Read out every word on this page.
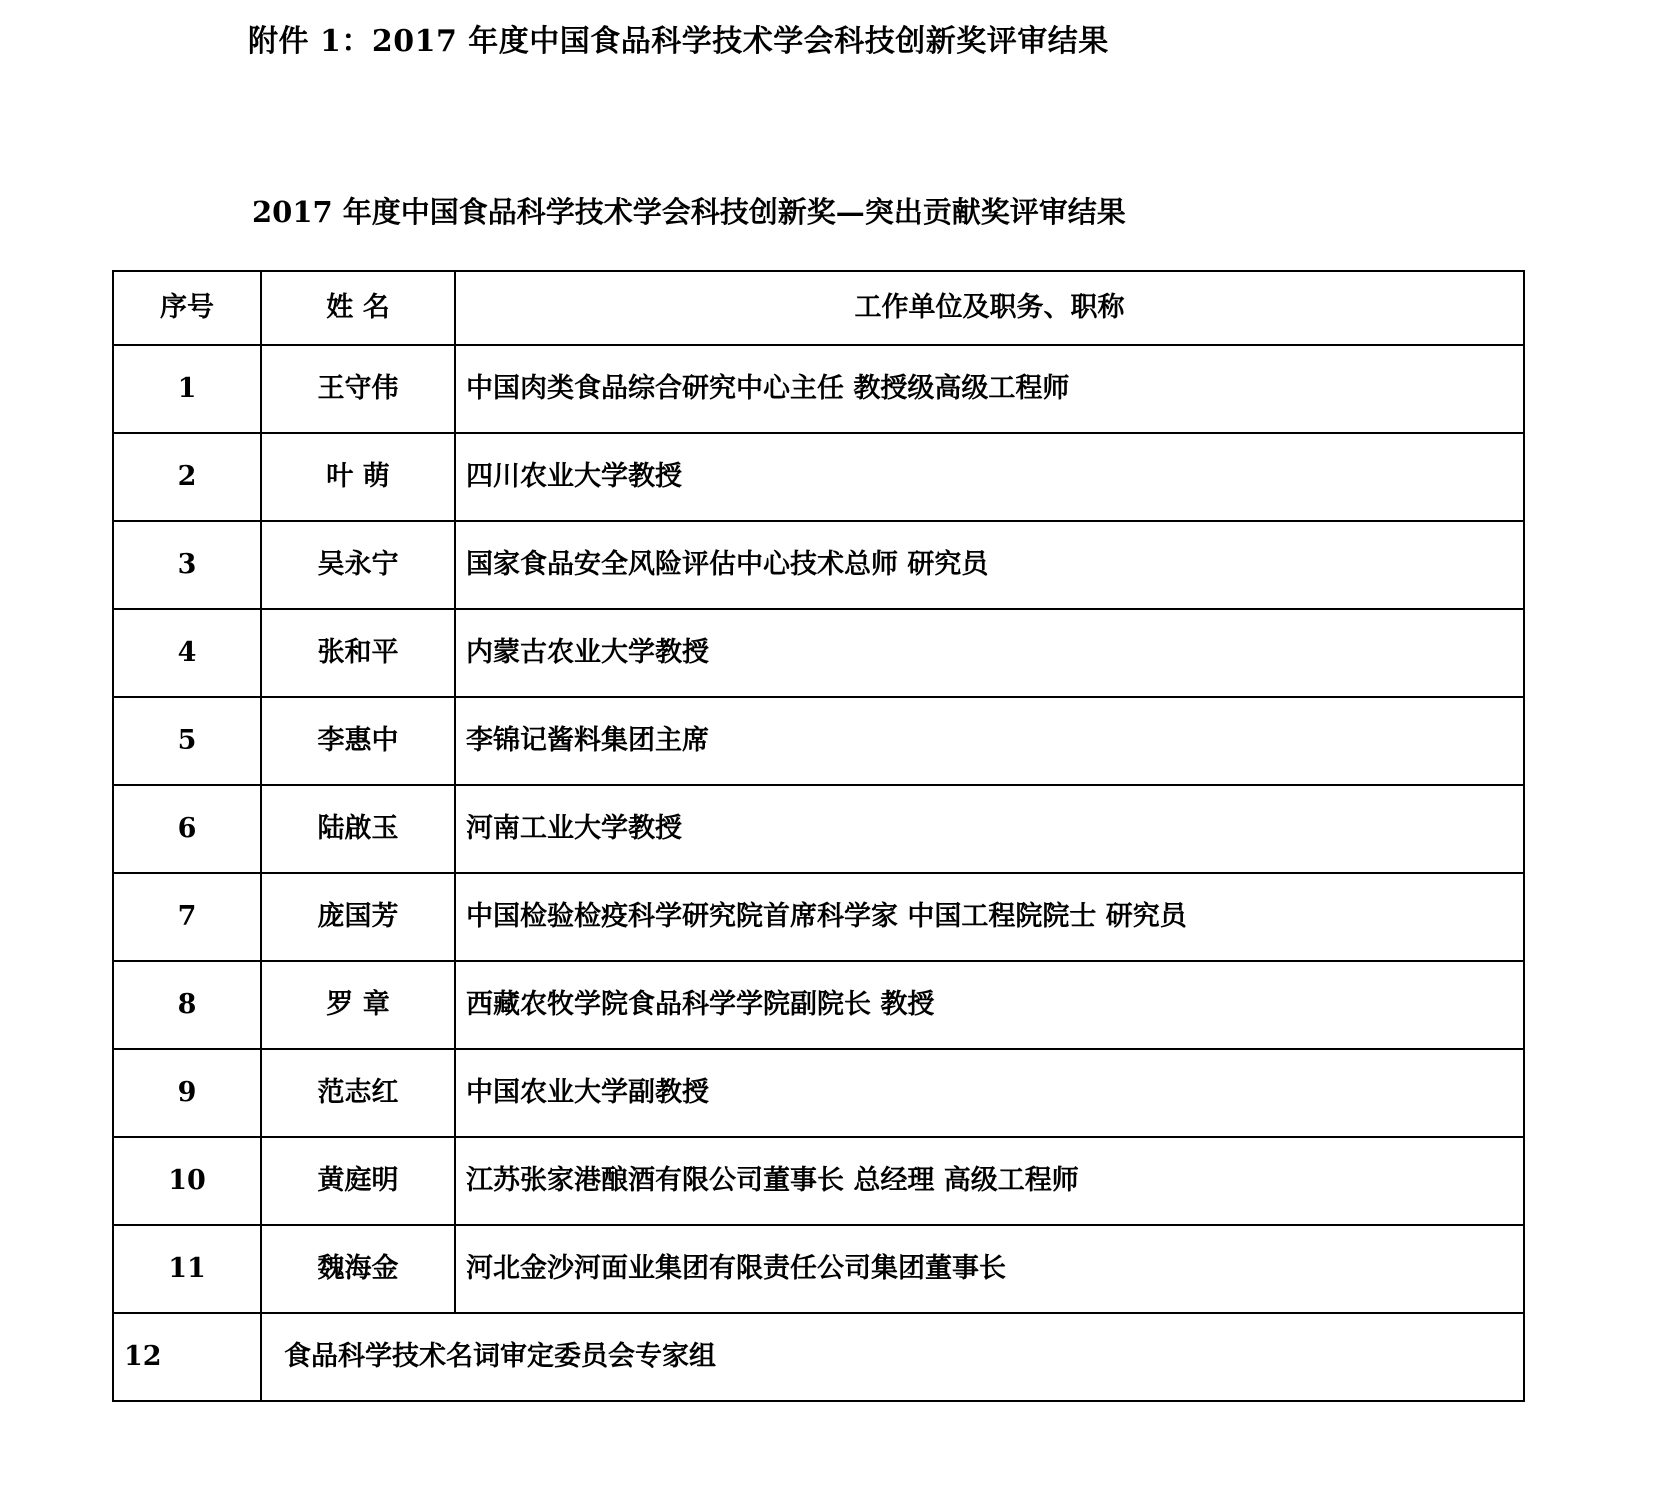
附件 1：2017 年度中国食品科学技术学会科技创新奖评审结果
2017 年度中国食品科学技术学会科技创新奖—突出贡献奖评审结果
序号	姓 名	工作单位及职务、职称
1	王守伟	中国肉类食品综合研究中心主任 教授级高级工程师
2	叶 萌	四川农业大学教授
3	吴永宁	国家食品安全风险评估中心技术总师 研究员
4	张和平	内蒙古农业大学教授
5	李惠中	李锦记酱料集团主席
6	陆啟玉	河南工业大学教授
7	庞国芳	中国检验检疫科学研究院首席科学家 中国工程院院士 研究员
8	罗 章	西藏农牧学院食品科学学院副院长 教授
9	范志红	中国农业大学副教授
10	黄庭明	江苏张家港酿酒有限公司董事长 总经理 高级工程师
11	魏海金	河北金沙河面业集团有限责任公司集团董事长
12	食品科学技术名词审定委员会专家组	
